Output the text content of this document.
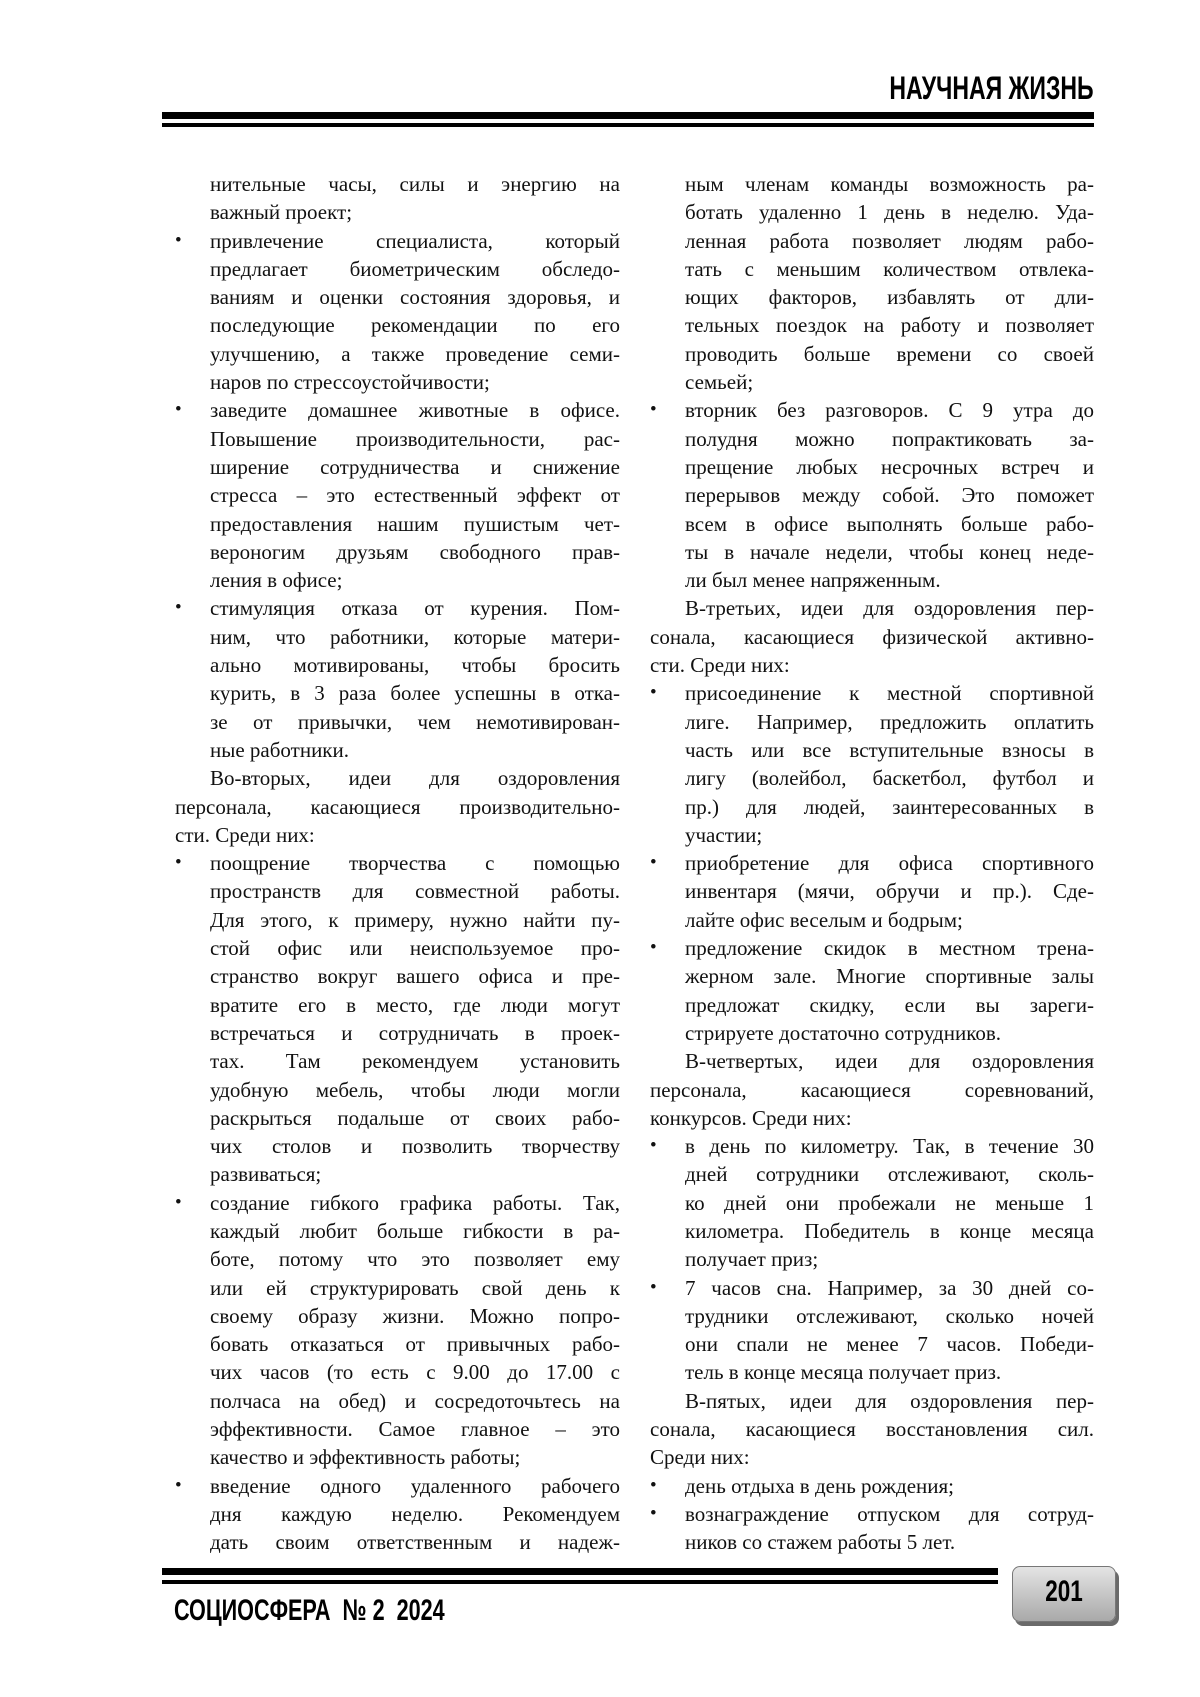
НАУЧНАЯ ЖИЗНЬ
нительные часы, силы и энергию на
важный проект;
• привлечение специалиста, который
предлагает биометрическим обследо-
ваниям и оценки состояния здоровья, и
последующие рекомендации по его
улучшению, а также проведение семи-
наров по стрессоустойчивости;
• заведите домашнее животные в офисе.
Повышение производительности, рас-
ширение сотрудничества и снижение
стресса – это естественный эффект от
предоставления нашим пушистым чет-
вероногим друзьям свободного прав-
ления в офисе;
• стимуляция отказа от курения. Пом-
ним, что работники, которые матери-
ально мотивированы, чтобы бросить
курить, в 3 раза более успешны в отка-
зе от привычки, чем немотивирован-
ные работники.
Во-вторых, идеи для оздоровления
персонала, касающиеся производительно-
сти. Среди них:
• поощрение творчества с помощью
пространств для совместной работы.
Для этого, к примеру, нужно найти пу-
стой офис или неиспользуемое про-
странство вокруг вашего офиса и пре-
вратите его в место, где люди могут
встречаться и сотрудничать в проек-
тах. Там рекомендуем установить
удобную мебель, чтобы люди могли
раскрыться подальше от своих рабо-
чих столов и позволить творчеству
развиваться;
• создание гибкого графика работы. Так,
каждый любит больше гибкости в ра-
боте, потому что это позволяет ему
или ей структурировать свой день к
своему образу жизни. Можно попро-
бовать отказаться от привычных рабо-
чих часов (то есть с 9.00 до 17.00 с
полчаса на обед) и сосредоточьтесь на
эффективности. Самое главное – это
качество и эффективность работы;
• введение одного удаленного рабочего
дня каждую неделю. Рекомендуем
дать своим ответственным и надеж-
ным членам команды возможность ра-
ботать удаленно 1 день в неделю. Уда-
ленная работа позволяет людям рабо-
тать с меньшим количеством отвлека-
ющих факторов, избавлять от дли-
тельных поездок на работу и позволяет
проводить больше времени со своей
семьей;
• вторник без разговоров. С 9 утра до
полудня можно попрактиковать за-
прещение любых несрочных встреч и
перерывов между собой. Это поможет
всем в офисе выполнять больше рабо-
ты в начале недели, чтобы конец неде-
ли был менее напряженным.
В-третьих, идеи для оздоровления пер-
сонала, касающиеся физической активно-
сти. Среди них:
• присоединение к местной спортивной
лиге. Например, предложить оплатить
часть или все вступительные взносы в
лигу (волейбол, баскетбол, футбол и
пр.) для людей, заинтересованных в
участии;
• приобретение для офиса спортивного
инвентаря (мячи, обручи и пр.). Сде-
лайте офис веселым и бодрым;
• предложение скидок в местном трена-
жерном зале. Многие спортивные залы
предложат скидку, если вы зареги-
стрируете достаточно сотрудников.
В-четвертых, идеи для оздоровления
персонала, касающиеся соревнований,
конкурсов. Среди них:
• в день по километру. Так, в течение 30
дней сотрудники отслеживают, сколь-
ко дней они пробежали не меньше 1
километра. Победитель в конце месяца
получает приз;
• 7 часов сна. Например, за 30 дней со-
трудники отслеживают, сколько ночей
они спали не менее 7 часов. Победи-
тель в конце месяца получает приз.
В-пятых, идеи для оздоровления пер-
сонала, касающиеся восстановления сил.
Среди них:
• день отдыха в день рождения;
• вознаграждение отпуском для сотруд-
ников со стажем работы 5 лет.
СОЦИОСФЕРА  № 2  2024
201
